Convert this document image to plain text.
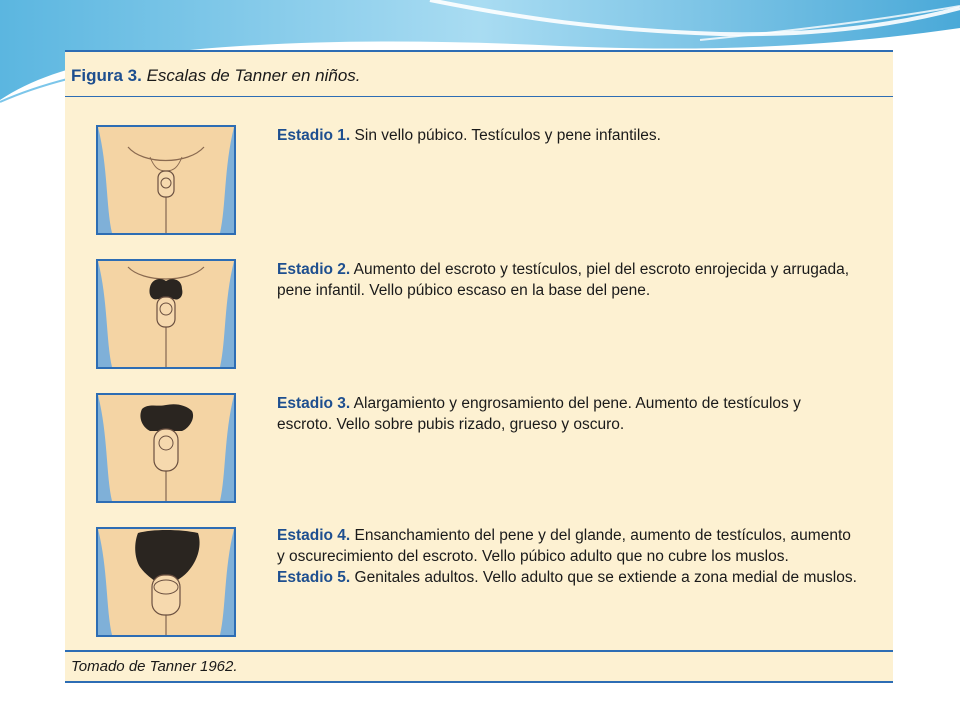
Figura 3. Escalas de Tanner en niños.
Estadio 1. Sin vello púbico. Testículos y pene infantiles.
Estadio 2. Aumento del escroto y testículos, piel del escroto enrojecida y arrugada, pene infantil. Vello púbico escaso en la base del pene.
Estadio 3. Alargamiento y engrosamiento del pene. Aumento de testículos y escroto. Vello sobre pubis rizado, grueso y oscuro.
Estadio 4. Ensanchamiento del pene y del glande, aumento de testículos, aumento y oscurecimiento del escroto. Vello púbico adulto que no cubre los muslos.
Estadio 5. Genitales adultos. Vello adulto que se extiende a zona medial de muslos.
Tomado de Tanner 1962.
